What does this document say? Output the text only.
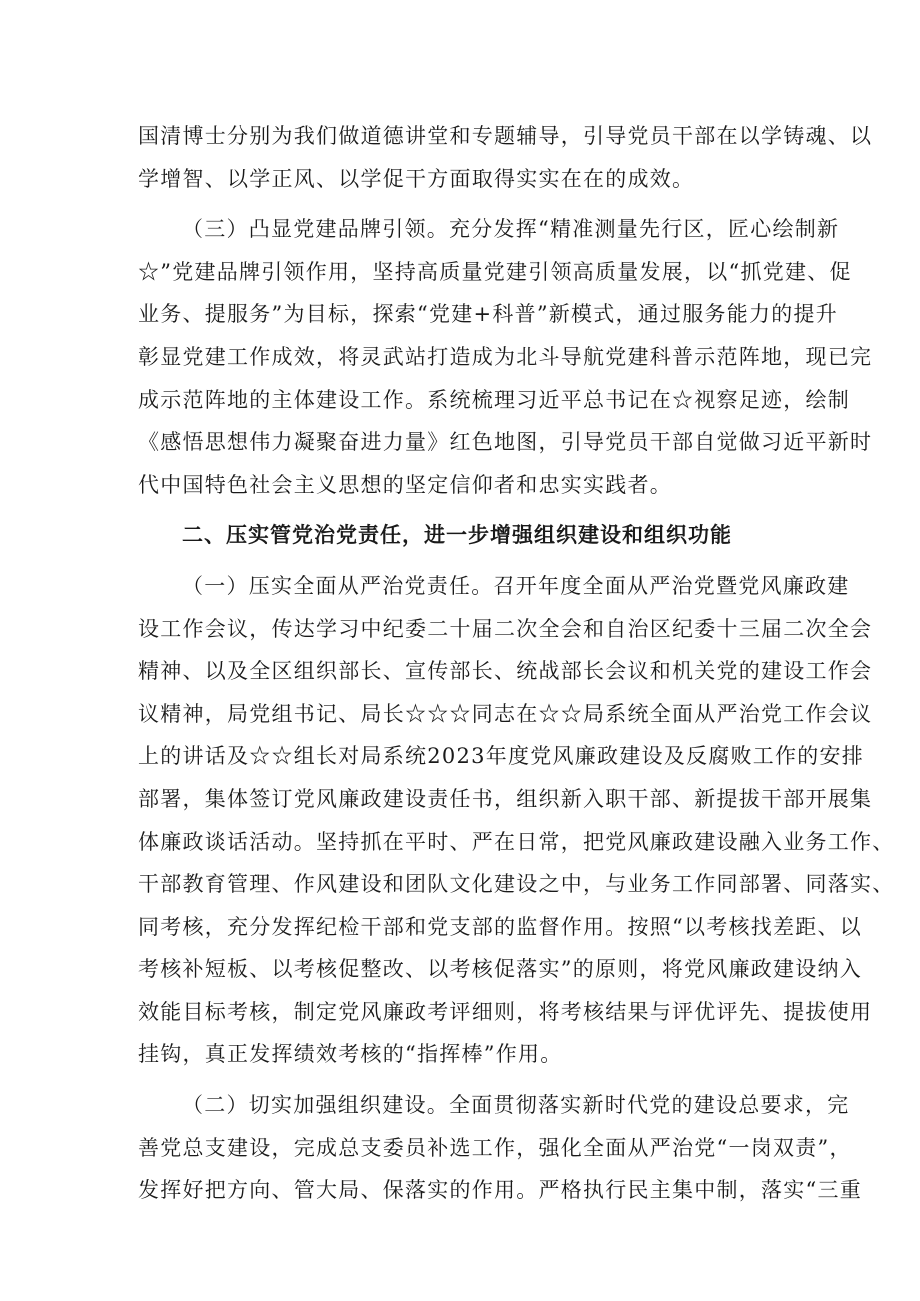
国清博士分别为我们做道德讲堂和专题辅导，引导党员干部在以学铸魂、以
学增智、以学正风、以学促干方面取得实实在在的成效。
（三）凸显党建品牌引领。充分发挥“精准测量先行区，匠心绘制新
☆”党建品牌引领作用，坚持高质量党建引领高质量发展，以“抓党建、促
业务、提服务”为目标，探索“党建+科普”新模式，通过服务能力的提升
彰显党建工作成效，将灵武站打造成为北斗导航党建科普示范阵地，现已完
成示范阵地的主体建设工作。系统梳理习近平总书记在☆视察足迹，绘制
《感悟思想伟力凝聚奋进力量》红色地图，引导党员干部自觉做习近平新时
代中国特色社会主义思想的坚定信仰者和忠实实践者。
二、压实管党治党责任，进一步增强组织建设和组织功能
（一）压实全面从严治党责任。召开年度全面从严治党暨党风廉政建
设工作会议，传达学习中纪委二十届二次全会和自治区纪委十三届二次全会
精神、以及全区组织部长、宣传部长、统战部长会议和机关党的建设工作会
议精神，局党组书记、局长☆☆☆同志在☆☆局系统全面从严治党工作会议
上的讲话及☆☆组长对局系统2023年度党风廉政建设及反腐败工作的安排
部署，集体签订党风廉政建设责任书，组织新入职干部、新提拔干部开展集
体廉政谈话活动。坚持抓在平时、严在日常，把党风廉政建设融入业务工作、
干部教育管理、作风建设和团队文化建设之中，与业务工作同部署、同落实、
同考核，充分发挥纪检干部和党支部的监督作用。按照“以考核找差距、以
考核补短板、以考核促整改、以考核促落实”的原则，将党风廉政建设纳入
效能目标考核，制定党风廉政考评细则，将考核结果与评优评先、提拔使用
挂钩，真正发挥绩效考核的“指挥棒”作用。
（二）切实加强组织建设。全面贯彻落实新时代党的建设总要求，完
善党总支建设，完成总支委员补选工作，强化全面从严治党“一岗双责”，
发挥好把方向、管大局、保落实的作用。严格执行民主集中制，落实“三重
